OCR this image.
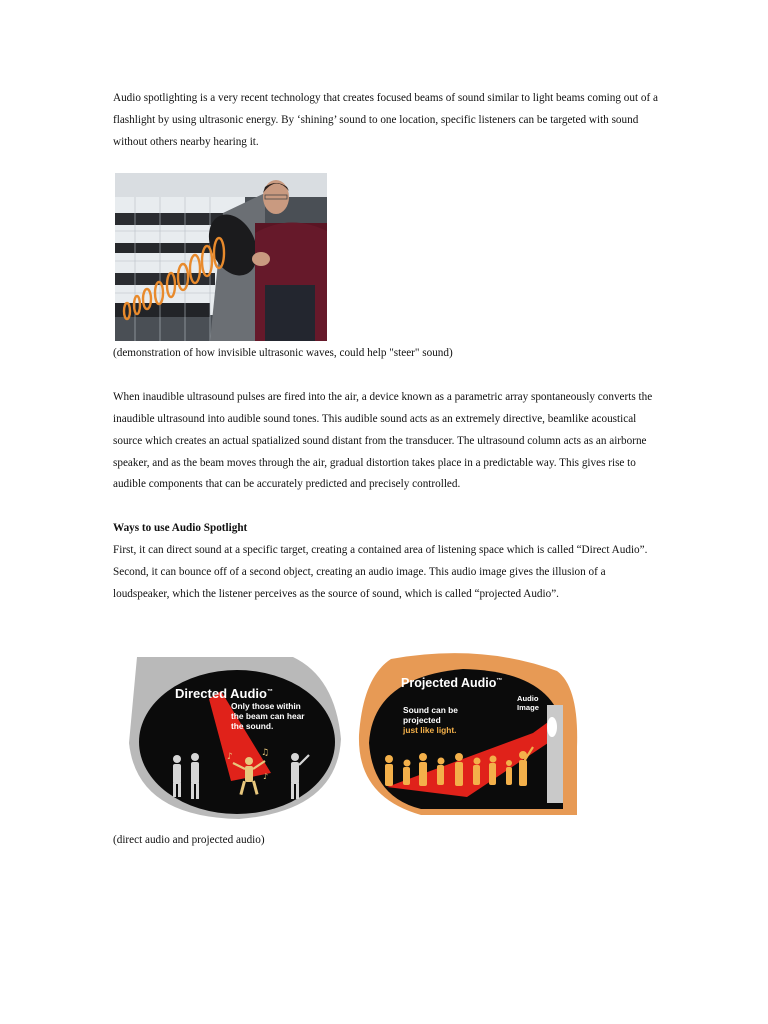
Audio spotlighting is a very recent technology that creates focused beams of sound similar to light beams coming out of a flashlight by using ultrasonic energy. By ‘shining’ sound to one location, specific listeners can be targeted with sound without others nearby hearing it.

(demonstration of how invisible ultrasonic waves, could help "steer" sound)

When inaudible ultrasound pulses are fired into the air, a device known as a parametric array spontaneously converts the inaudible ultrasound into audible sound tones. This audible sound acts as an extremely directive, beamlike acoustical source which creates an actual spatialized sound distant from the transducer. The ultrasound column acts as an airborne speaker, and as the beam moves through the air, gradual distortion takes place in a predictable way. This gives rise to audible components that can be accurately predicted and precisely controlled.

Ways to use Audio Spotlight

First, it can direct sound at a specific target, creating a contained area of listening space which is called “Direct Audio”. Second, it can bounce off of a second object, creating an audio image. This audio image gives the illusion of a loudspeaker, which the listener perceives as the source of sound, which is called “projected Audio”.

Directed Audio™
Only those within the beam can hear the sound.
♪	♫
♪
Projected Audio™
Audio Image
Sound can be projected just like light.

(direct audio and projected audio)
